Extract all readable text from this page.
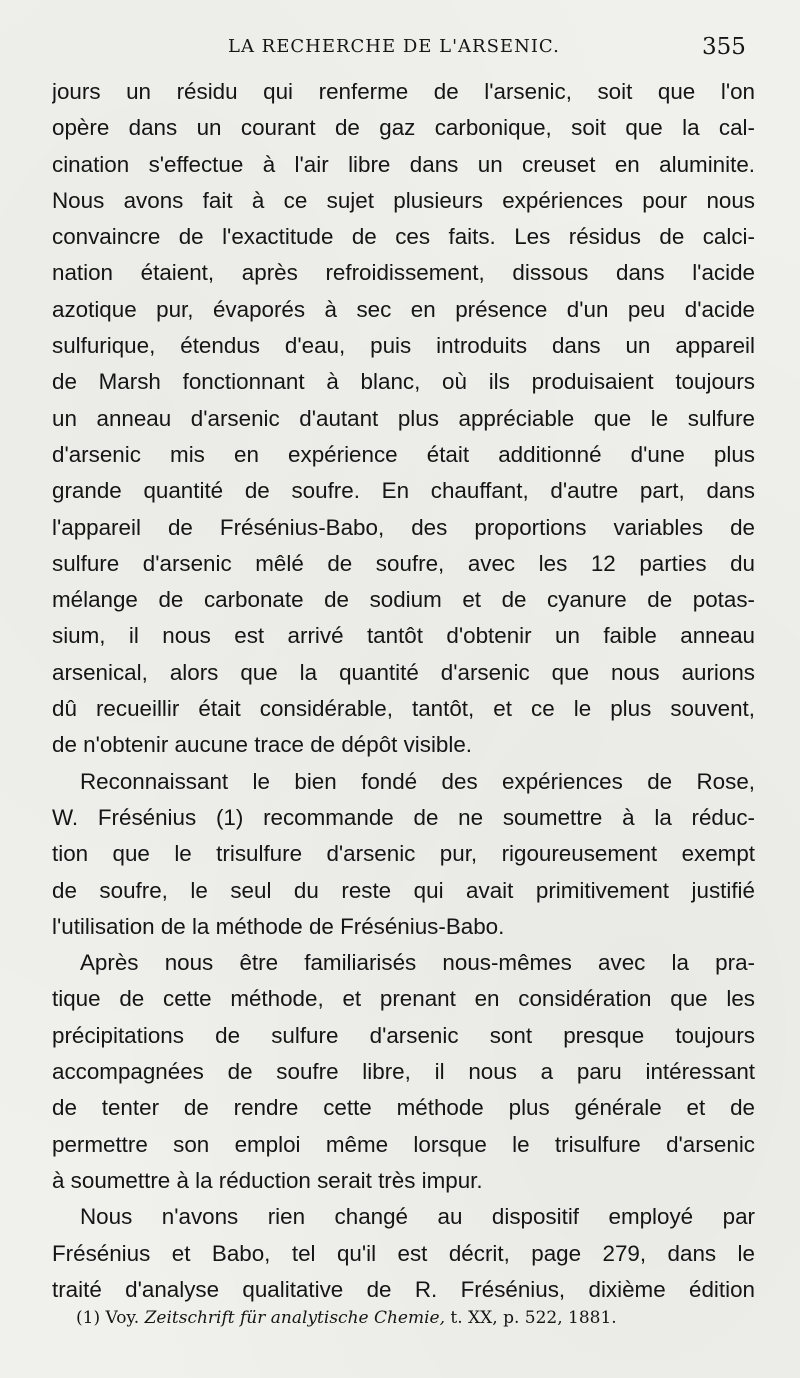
LA RECHERCHE DE L'ARSENIC.	355
jours un résidu qui renferme de l'arsenic, soit que l'on
opère dans un courant de gaz carbonique, soit que la cal-
cination s'effectue à l'air libre dans un creuset en aluminite.
Nous avons fait à ce sujet plusieurs expériences pour nous
convaincre de l'exactitude de ces faits. Les résidus de calci-
nation étaient, après refroidissement, dissous dans l'acide
azotique pur, évaporés à sec en présence d'un peu d'acide
sulfurique, étendus d'eau, puis introduits dans un appareil
de Marsh fonctionnant à blanc, où ils produisaient toujours
un anneau d'arsenic d'autant plus appréciable que le sulfure
d'arsenic mis en expérience était additionné d'une plus
grande quantité de soufre. En chauffant, d'autre part, dans
l'appareil de Frésénius-Babo, des proportions variables de
sulfure d'arsenic mêlé de soufre, avec les 12 parties du
mélange de carbonate de sodium et de cyanure de potas-
sium, il nous est arrivé tantôt d'obtenir un faible anneau
arsenical, alors que la quantité d'arsenic que nous aurions
dû recueillir était considérable, tantôt, et ce le plus souvent,
de n'obtenir aucune trace de dépôt visible.
Reconnaissant le bien fondé des expériences de Rose,
W. Frésénius (1) recommande de ne soumettre à la réduc-
tion que le trisulfure d'arsenic pur, rigoureusement exempt
de soufre, le seul du reste qui avait primitivement justifié
l'utilisation de la méthode de Frésénius-Babo.
Après nous être familiarisés nous-mêmes avec la pra-
tique de cette méthode, et prenant en considération que les
précipitations de sulfure d'arsenic sont presque toujours
accompagnées de soufre libre, il nous a paru intéressant
de tenter de rendre cette méthode plus générale et de
permettre son emploi même lorsque le trisulfure d'arsenic
à soumettre à la réduction serait très impur.
Nous n'avons rien changé au dispositif employé par
Frésénius et Babo, tel qu'il est décrit, page 279, dans le
traité d'analyse qualitative de R. Frésénius, dixième édition
(1) Voy. Zeitschrift für analytische Chemie, t. XX, p. 522, 1881.
